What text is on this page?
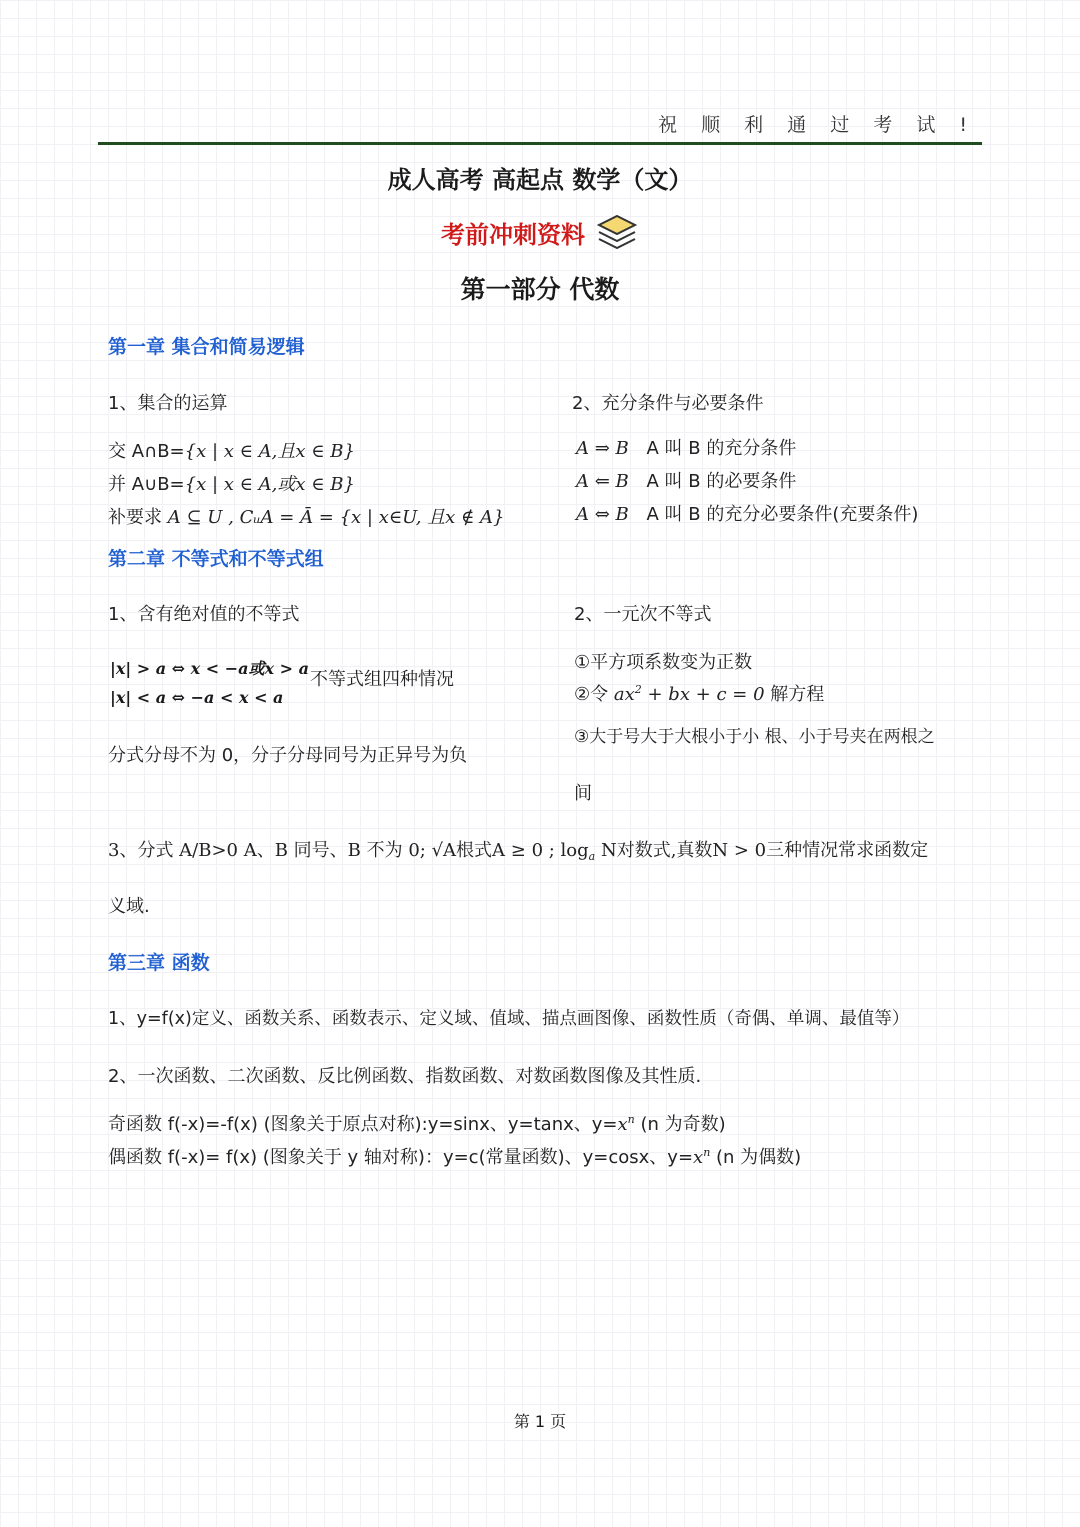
祝 顺 利 通 过 考 试 !
成人高考 高起点 数学（文）
考前冲刺资料
第一部分 代数
第一章 集合和简易逻辑
1、集合的运算
交 A∩B={x | x ∈ A,且x ∈ B}
并 A∪B={x | x ∈ A,或x ∈ B}
补要求 A ⊆ U , CᵤA = Ā = {x | x∈U, 且x ∉ A}
2、充分条件与必要条件
A ⇒ B A 叫 B 的充分条件
A ⇐ B A 叫 B 的必要条件
A ⇔ B A 叫 B 的充分必要条件(充要条件)
第二章 不等式和不等式组
1、含有绝对值的不等式
|x| > a ⇔ x < −a或x > a
|x| < a ⇔ −a < x < a
不等式组四种情况
分式分母不为 0，分子分母同号为正异号为负
2、一元次不等式
①平方项系数变为正数
②令 $ax^2$ + bx + c = 0 解方程
③大于号大于大根小于小 根、小于号夹在两根之
间
3、分式 A/B>0 A、B 同号、B 不为 0; √A根式A ≥ 0 ; $\log_a N$对数式,真数N > 0三种情况常求函数定
义域.
第三章 函数
1、y=f(x)定义、函数关系、函数表示、定义域、值域、描点画图像、函数性质（奇偶、单调、最值等）
2、一次函数、二次函数、反比例函数、指数函数、对数函数图像及其性质.
奇函数 f(-x)=-f(x) (图象关于原点对称):y=sinx、y=tanx、$y=x^n$ (n 为奇数)
偶函数 f(-x)= f(x) (图象关于 y 轴对称)：y=c(常量函数)、y=cosx、$y=x^n$ (n 为偶数)
第 1 页
